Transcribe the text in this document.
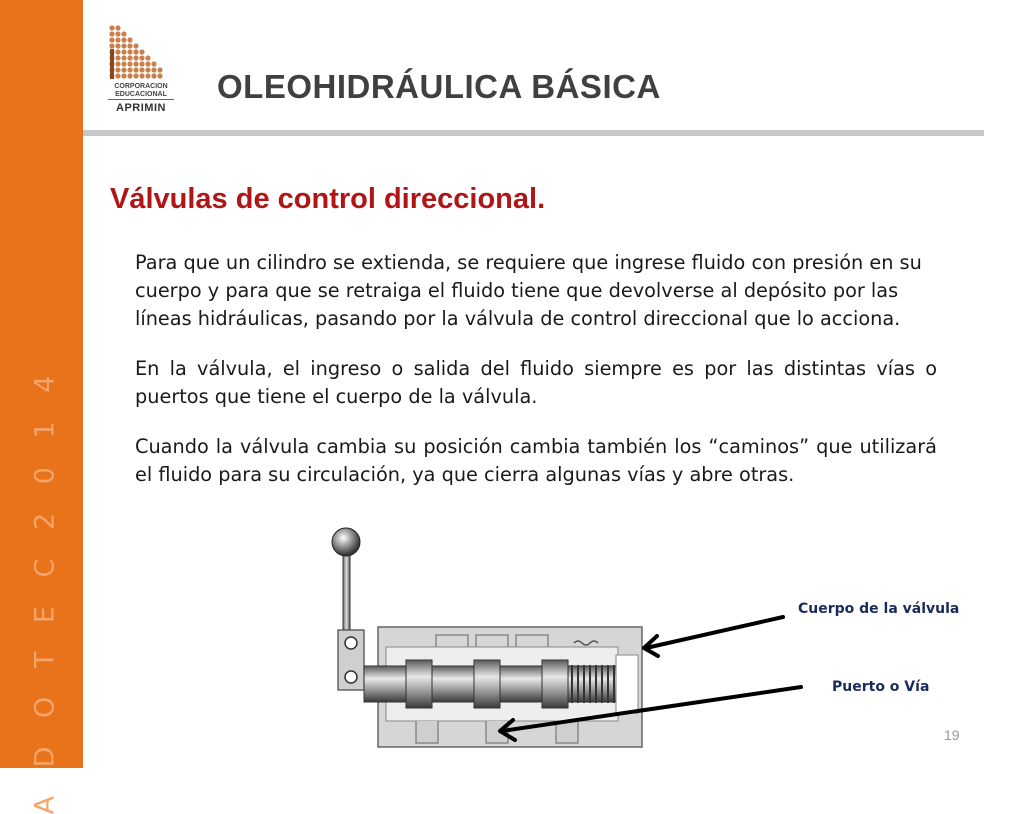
A D O T E C 2 0 1 4
CORPORACION
EDUCACIONAL
APRIMIN
OLEOHIDRÁULICA BÁSICA
Válvulas de control direccional.

Para que un cilindro se extienda, se requiere que ingrese fluido con presión en su cuerpo y para que se retraiga el fluido tiene que devolverse al depósito por las líneas hidráulicas, pasando por la válvula de control direccional que lo acciona.

En la válvula, el ingreso o salida del fluido siempre es por las distintas vías o puertos que tiene el cuerpo de la válvula.

Cuando la válvula cambia su posición cambia también los “caminos” que utilizará el fluido para su circulación, ya que cierra algunas vías y abre otras.

Cuerpo de la válvula
Puerto o Vía
19
